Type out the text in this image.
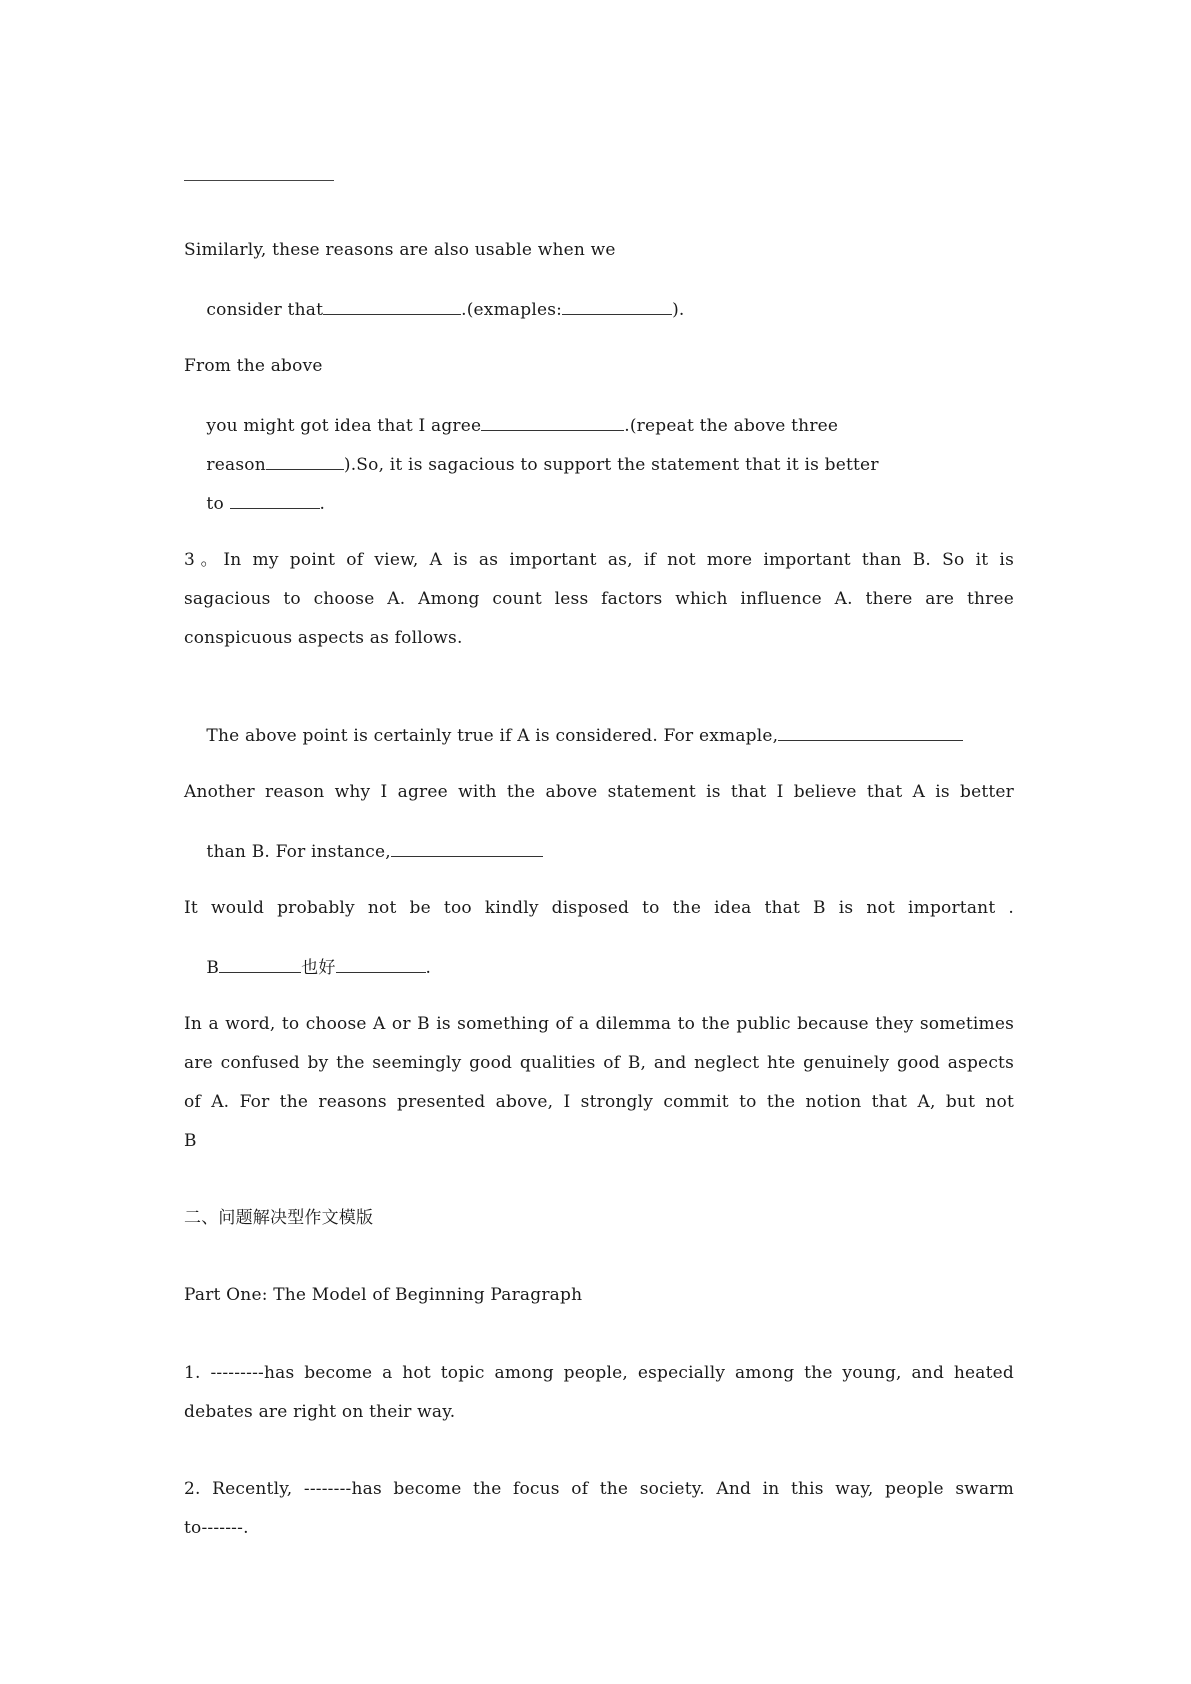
Similarly, these reasons are also usable when we

consider that	.(exmaples:	).

From the above

you might got idea that I agree	.(repeat the above three

reason	).So, it is sagacious to support the statement that it is better

to	.

3。In my point of view, A is as important as, if not more important than B. So it is
sagacious to choose A. Among count less factors which influence A. there are three
conspicuous aspects as follows.

The above point is certainly true if A is considered. For exmaple,

Another reason why I agree with the above statement is that I believe that A is better

than B. For instance,

It would probably not be too kindly disposed to the idea that B is not important .

B	也好	.

In a word, to choose A or B is something of a dilemma to the public because they sometimes
are confused by the seemingly good qualities of B, and neglect hte genuinely good aspects
of A. For the reasons presented above, I strongly commit to the notion that A, but not
B
二、问题解决型作文模版
Part One: The Model of Beginning Paragraph
1. ---------has become a hot topic among people, especially among the young, and heated
debates are right on their way.
2. Recently, --------has become the focus of the society. And in this way, people swarm
to-------.
